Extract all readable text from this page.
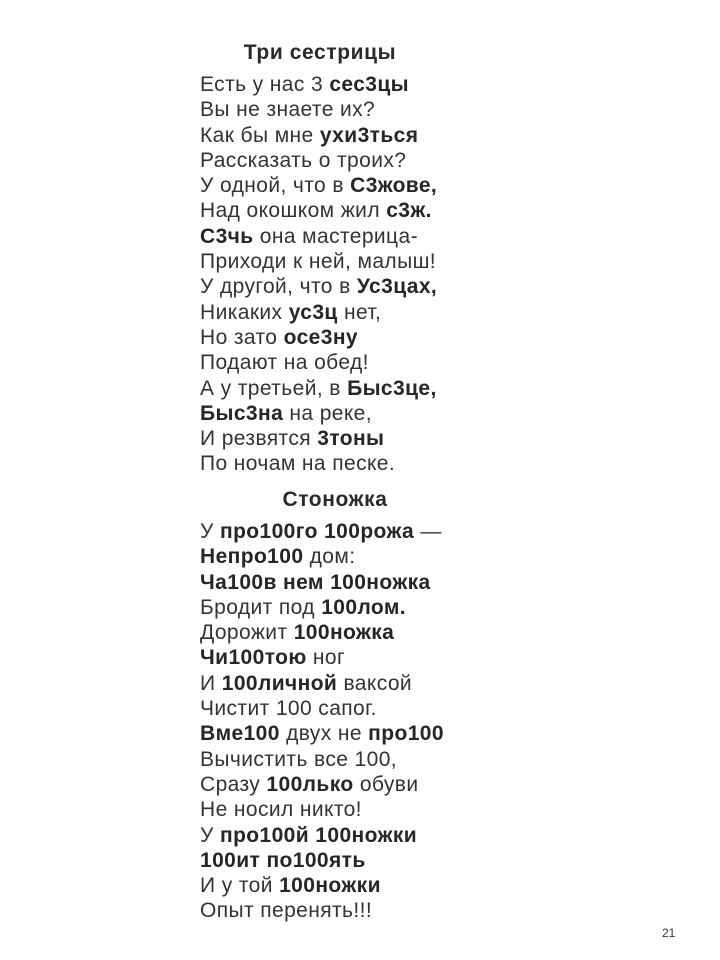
Три сестрицы
Есть у нас 3 сес3цы
Вы не знаете их?
Как бы мне ухи3ться
Рассказать о троих?
У одной, что в С3жове,
Над окошком жил с3ж.
С3чь она мастерица-
Приходи к ней, малыш!
У другой, что в Ус3цах,
Никаких ус3ц нет,
Но зато осе3ну
Подают на обед!
А у третьей, в Быс3це,
Быс3на на реке,
И резвятся 3тоны
По ночам на песке.
Стоножка
У про100го 100рожа —
Непро100 дом:
Ча100в нем 100ножка
Бродит под 100лом.
Дорожит 100ножка
Чи100тою ног
И 100личной ваксой
Чистит 100 сапог.
Вме100 двух не про100
Вычистить все 100,
Сразу 100лько обуви
Не носил никто!
У про100й 100ножки
100ит по100ять
И у той 100ножки
Опыт перенять!!!
21
